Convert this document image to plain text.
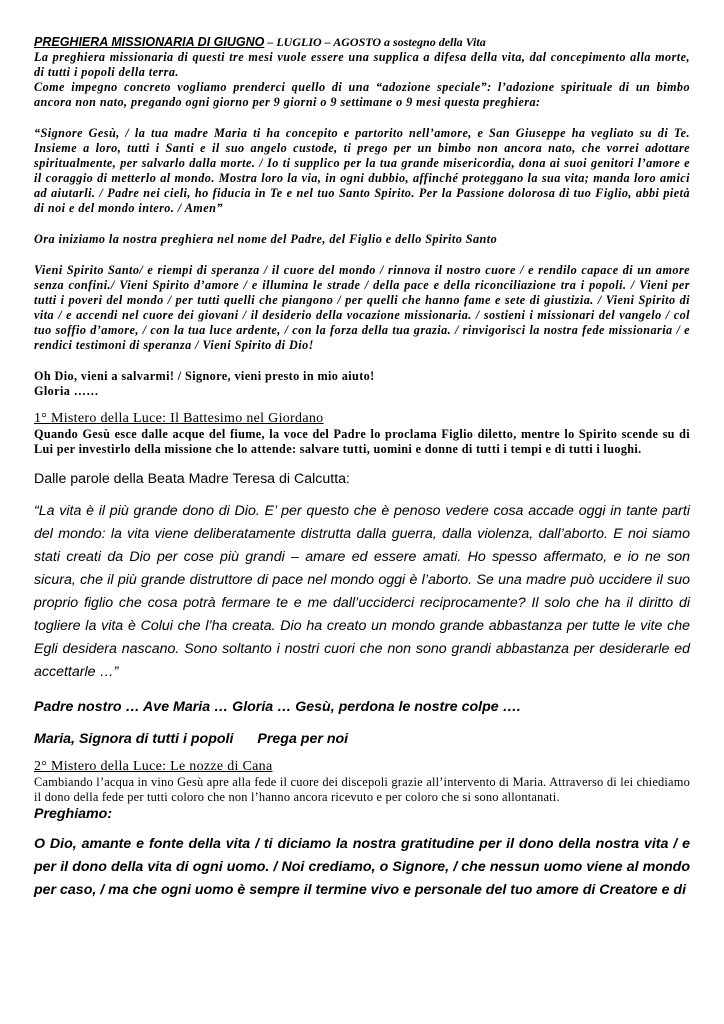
PREGHIERA MISSIONARIA DI GIUGNO – LUGLIO – AGOSTO a sostegno della Vita

La preghiera missionaria di questi tre mesi vuole essere una supplica a difesa della vita, dal concepimento alla morte, di tutti i popoli della terra.

Come impegno concreto vogliamo prenderci quello di una “adozione speciale”: l’adozione spirituale di un bimbo ancora non nato, pregando ogni giorno per 9 giorni o 9 settimane o 9 mesi questa preghiera:

“Signore Gesù, / la tua madre Maria ti ha concepito e partorito nell’amore, e San Giuseppe ha vegliato su di Te. Insieme a loro, tutti i Santi e il suo angelo custode, ti prego per un bimbo non ancora nato, che vorrei adottare spiritualmente, per salvarlo dalla morte. / Io ti supplico per la tua grande misericordia, dona ai suoi genitori l’amore e il coraggio di metterlo al mondo. Mostra loro la via, in ogni dubbio, affinché proteggano la sua vita; manda loro amici ad aiutarli. / Padre nei cieli, ho fiducia in Te e nel tuo Santo Spirito. Per la Passione dolorosa di tuo Figlio, abbi pietà di noi e del mondo intero. / Amen”

Ora iniziamo la nostra preghiera nel nome del Padre, del Figlio e dello Spirito Santo

Vieni Spirito Santo/ e riempi di speranza / il cuore del mondo / rinnova il nostro cuore / e rendilo capace di un amore senza confini./ Vieni Spirito d’amore / e illumina le strade / della pace e della riconciliazione tra i popoli. / Vieni per tutti i poveri del mondo / per tutti quelli che piangono / per quelli che hanno fame e sete di giustizia. / Vieni Spirito di vita / e accendi nel cuore dei giovani / il desiderio della vocazione missionaria. / sostieni i missionari del vangelo / col tuo soffio d’amore, / con la tua luce ardente, / con la forza della tua grazia. / rinvigorisci la nostra fede missionaria / e rendici testimoni di speranza / Vieni Spirito di Dio!

Oh Dio, vieni a salvarmi! / Signore, vieni presto in mio aiuto!

Gloria ……

1° Mistero della Luce: Il Battesimo nel Giordano

Quando Gesù esce dalle acque del fiume, la voce del Padre lo proclama Figlio diletto, mentre lo Spirito scende su di Lui per investirlo della missione che lo attende: salvare tutti, uomini e donne di tutti i tempi e di tutti i luoghi.

Dalle parole della Beata Madre Teresa di Calcutta:

“La vita è il più grande dono di Dio. E’ per questo che è penoso vedere cosa accade oggi in tante parti del mondo: la vita viene deliberatamente distrutta dalla guerra, dalla violenza, dall’aborto. E noi siamo stati creati da Dio per cose più grandi – amare ed essere amati. Ho spesso affermato, e io ne son sicura, che il più grande distruttore di pace nel mondo oggi è l’aborto. Se una madre può uccidere il suo proprio figlio che cosa potrà fermare te e me dall’ucciderci reciprocamente? Il solo che ha il diritto di togliere la vita è Colui che l’ha creata. Dio ha creato un mondo grande abbastanza per tutte le vite che Egli desidera nascano. Sono soltanto i nostri cuori che non sono grandi abbastanza per desiderarle ed accettarle …”

Padre nostro … Ave Maria … Gloria … Gesù, perdona le nostre colpe ….

Maria, Signora di tutti i popoli Prega per noi

2° Mistero della Luce: Le nozze di Cana

Cambiando l’acqua in vino Gesù apre alla fede il cuore dei discepoli grazie all’intervento di Maria. Attraverso di lei chiediamo il dono della fede per tutti coloro che non l’hanno ancora ricevuto e per coloro che si sono allontanati.

Preghiamo:

O Dio, amante e fonte della vita / ti diciamo la nostra gratitudine per il dono della nostra vita / e per il dono della vita di ogni uomo. / Noi crediamo, o Signore, / che nessun uomo viene al mondo per caso, / ma che ogni uomo è sempre il termine vivo e personale del tuo amore di Creatore e di
